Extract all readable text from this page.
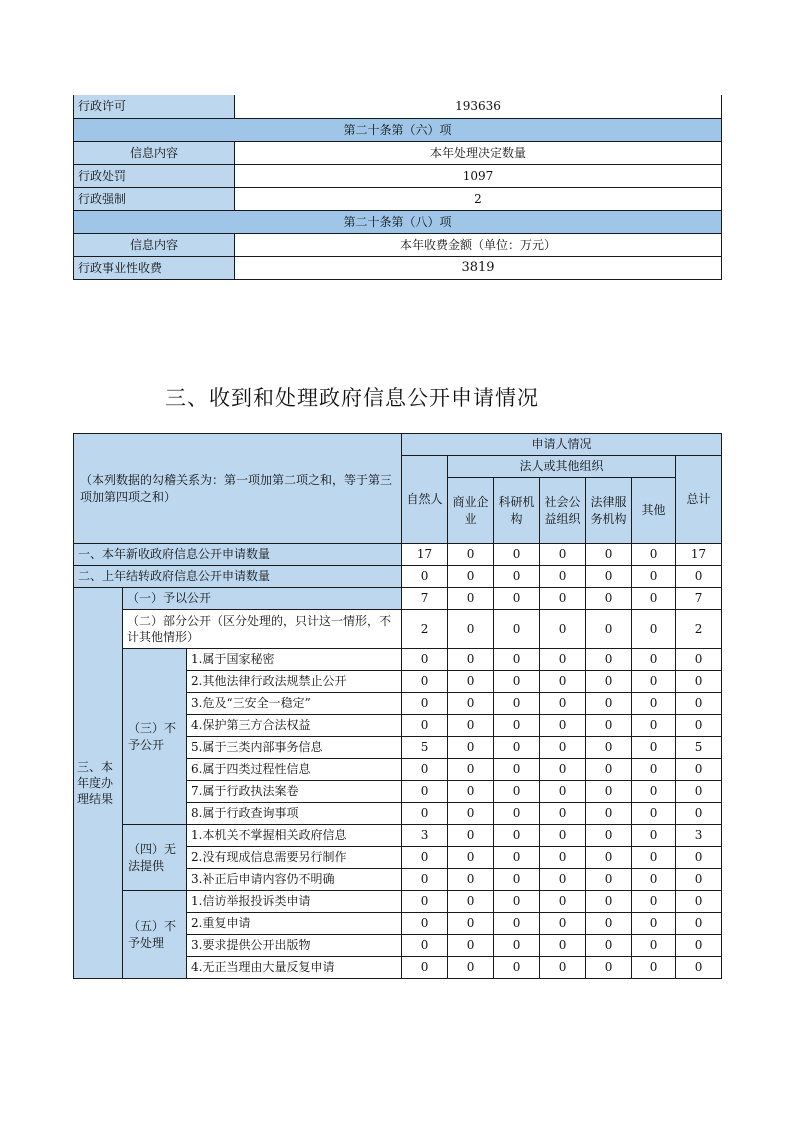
行政许可	193636
第二十条第（六）项	
信息内容	本年处理决定数量
行政处罚	1097
行政强制	2
第二十条第（八）项	
信息内容	本年收费金额（单位：万元）
行政事业性收费	3819
三、收到和处理政府信息公开申请情况
（本列数据的勾稽关系为：第一项加第二项之和，等于第三项加第四项之和）			申请人情况						
			自然人	法人或其他组织					总计
				商业企业	科研机构	社会公益组织	法律服务机构	其他	
一、本年新收政府信息公开申请数量			17	0	0	0	0	0	17
二、上年结转政府信息公开申请数量			0	0	0	0	0	0	0
三、本年度办理结果	（一）予以公开		7	0	0	0	0	0	7
	（二）部分公开（区分处理的，只计这一情形，不计其他情形）		2	0	0	0	0	0	2
	（三）不予公开	1.属于国家秘密	0	0	0	0	0	0	0
		2.其他法律行政法规禁止公开	0	0	0	0	0	0	0
		3.危及“三安全一稳定”	0	0	0	0	0	0	0
		4.保护第三方合法权益	0	0	0	0	0	0	0
		5.属于三类内部事务信息	5	0	0	0	0	0	5
		6.属于四类过程性信息	0	0	0	0	0	0	0
		7.属于行政执法案卷	0	0	0	0	0	0	0
		8.属于行政查询事项	0	0	0	0	0	0	0
	（四）无法提供	1.本机关不掌握相关政府信息	3	0	0	0	0	0	3
		2.没有现成信息需要另行制作	0	0	0	0	0	0	0
		3.补正后申请内容仍不明确	0	0	0	0	0	0	0
	（五）不予处理	1.信访举报投诉类申请	0	0	0	0	0	0	0
		2.重复申请	0	0	0	0	0	0	0
		3.要求提供公开出版物	0	0	0	0	0	0	0
		4.无正当理由大量反复申请	0	0	0	0	0	0	0
